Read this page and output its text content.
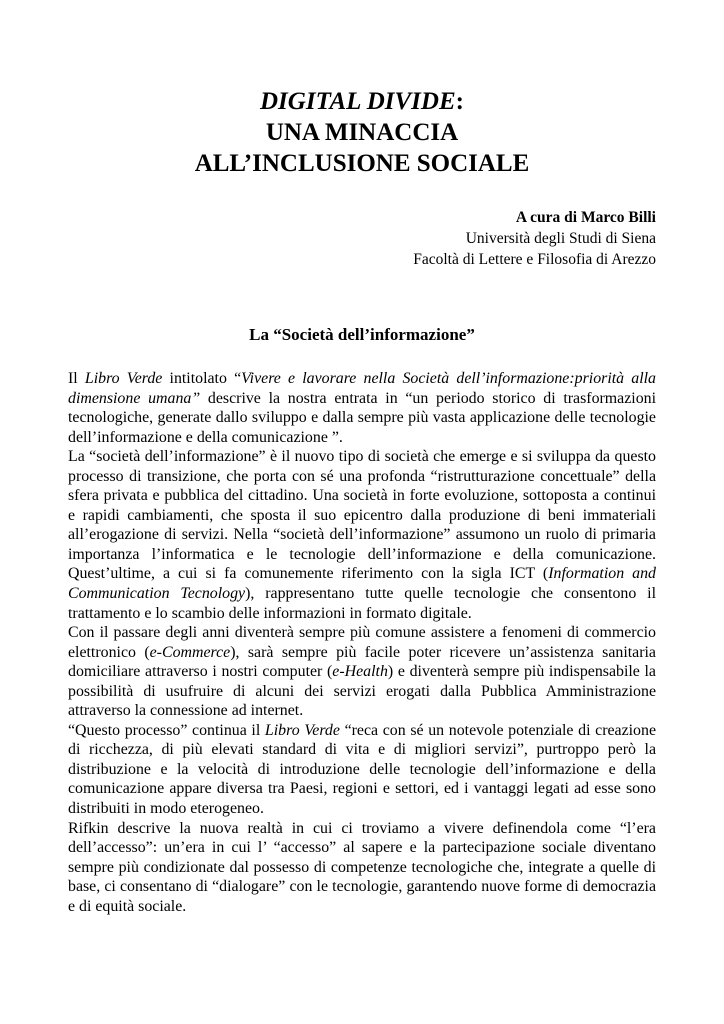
DIGITAL DIVIDE:
UNA MINACCIA
ALL’INCLUSIONE SOCIALE
A cura di Marco Billi
Università degli Studi di Siena
Facoltà di Lettere e Filosofia di Arezzo
La “Società dell’informazione”

Il Libro Verde intitolato “Vivere e lavorare nella Società dell’informazione:priorità alla dimensione umana” descrive la nostra entrata in “un periodo storico di trasformazioni tecnologiche, generate dallo sviluppo e dalla sempre più vasta applicazione delle tecnologie dell’informazione e della comunicazione ”.

La “società dell’informazione” è il nuovo tipo di società che emerge e si sviluppa da questo processo di transizione, che porta con sé una profonda “ristrutturazione concettuale” della sfera privata e pubblica del cittadino. Una società in forte evoluzione, sottoposta a continui e rapidi cambiamenti, che sposta il suo epicentro dalla produzione di beni immateriali all’erogazione di servizi. Nella “società dell’informazione” assumono un ruolo di primaria importanza l’informatica e le tecnologie dell’informazione e della comunicazione. Quest’ultime, a cui si fa comunemente riferimento con la sigla ICT (Information and Communication Tecnology), rappresentano tutte quelle tecnologie che consentono il trattamento e lo scambio delle informazioni in formato digitale.

Con il passare degli anni diventerà sempre più comune assistere a fenomeni di commercio elettronico (e-Commerce), sarà sempre più facile poter ricevere un’assistenza sanitaria domiciliare attraverso i nostri computer (e-Health) e diventerà sempre più indispensabile la possibilità di usufruire di alcuni dei servizi erogati dalla Pubblica Amministrazione attraverso la connessione ad internet.

“Questo processo” continua il Libro Verde “reca con sé un notevole potenziale di creazione di ricchezza, di più elevati standard di vita e di migliori servizi”, purtroppo però la distribuzione e la velocità di introduzione delle tecnologie dell’informazione e della comunicazione appare diversa tra Paesi, regioni e settori, ed i vantaggi legati ad esse sono distribuiti in modo eterogeneo.

Rifkin descrive la nuova realtà in cui ci troviamo a vivere definendola come “l’era dell’accesso”: un’era in cui l’ “accesso” al sapere e la partecipazione sociale diventano sempre più condizionate dal possesso di competenze tecnologiche che, integrate a quelle di base, ci consentano di “dialogare” con le tecnologie, garantendo nuove forme di democrazia e di equità sociale.
